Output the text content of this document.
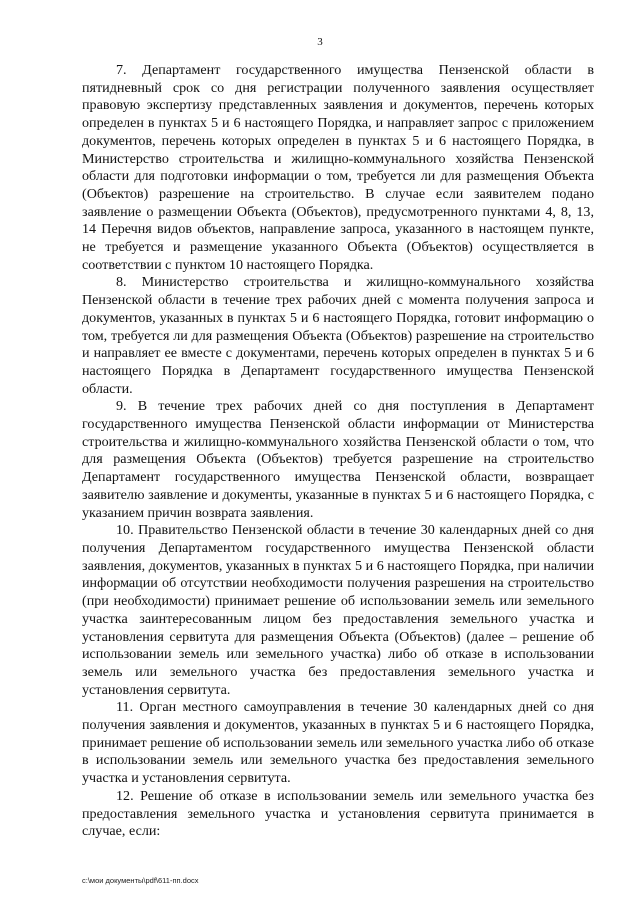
3

7. Департамент государственного имущества Пензенской области в пятидневный срок со дня регистрации полученного заявления осуществляет правовую экспертизу представленных заявления и документов, перечень которых определен в пунктах 5 и 6 настоящего Порядка, и направляет запрос с приложением документов, перечень которых определен в пунктах 5 и 6 настоящего Порядка, в Министерство строительства и жилищно-коммунального хозяйства Пензенской области для подготовки информации о том, требуется ли для размещения Объекта (Объектов) разрешение на строительство. В случае если заявителем подано заявление о размещении Объекта (Объектов), предусмотренного пунктами 4, 8, 13, 14 Перечня видов объектов, направление запроса, указанного в настоящем пункте, не требуется и размещение указанного Объекта (Объектов) осуществляется в соответствии с пунктом 10 настоящего Порядка.

8. Министерство строительства и жилищно-коммунального хозяйства Пензенской области в течение трех рабочих дней с момента получения запроса и документов, указанных в пунктах 5 и 6 настоящего Порядка, готовит информацию о том, требуется ли для размещения Объекта (Объектов) разрешение на строительство и направляет ее вместе с документами, перечень которых определен в пунктах 5 и 6 настоящего Порядка в Департамент государственного имущества Пензенской области.

9. В течение трех рабочих дней со дня поступления в Департамент государственного имущества Пензенской области информации от Министерства строительства и жилищно-коммунального хозяйства Пензенской области о том, что для размещения Объекта (Объектов) требуется разрешение на строительство Департамент государственного имущества Пензенской области, возвращает заявителю заявление и документы, указанные в пунктах 5 и 6 настоящего Порядка, с указанием причин возврата заявления.

10. Правительство Пензенской области в течение 30 календарных дней со дня получения Департаментом государственного имущества Пензенской области заявления, документов, указанных в пунктах 5 и 6 настоящего Порядка, при наличии информации об отсутствии необходимости получения разрешения на строительство (при необходимости) принимает решение об использовании земель или земельного участка заинтересованным лицом без предоставления земельного участка и установления сервитута для размещения Объекта (Объектов) (далее – решение об использовании земель или земельного участка) либо об отказе в использовании земель или земельного участка без предоставления земельного участка и установления сервитута.

11. Орган местного самоуправления в течение 30 календарных дней со дня получения заявления и документов, указанных в пунктах 5 и 6 настоящего Порядка, принимает решение об использовании земель или земельного участка либо об отказе в использовании земель или земельного участка без предоставления земельного участка и установления сервитута.

12. Решение об отказе в использовании земель или земельного участка без предоставления земельного участка и установления сервитута принимается в случае, если:

c:\мои документы\pdf\611-пп.docx
